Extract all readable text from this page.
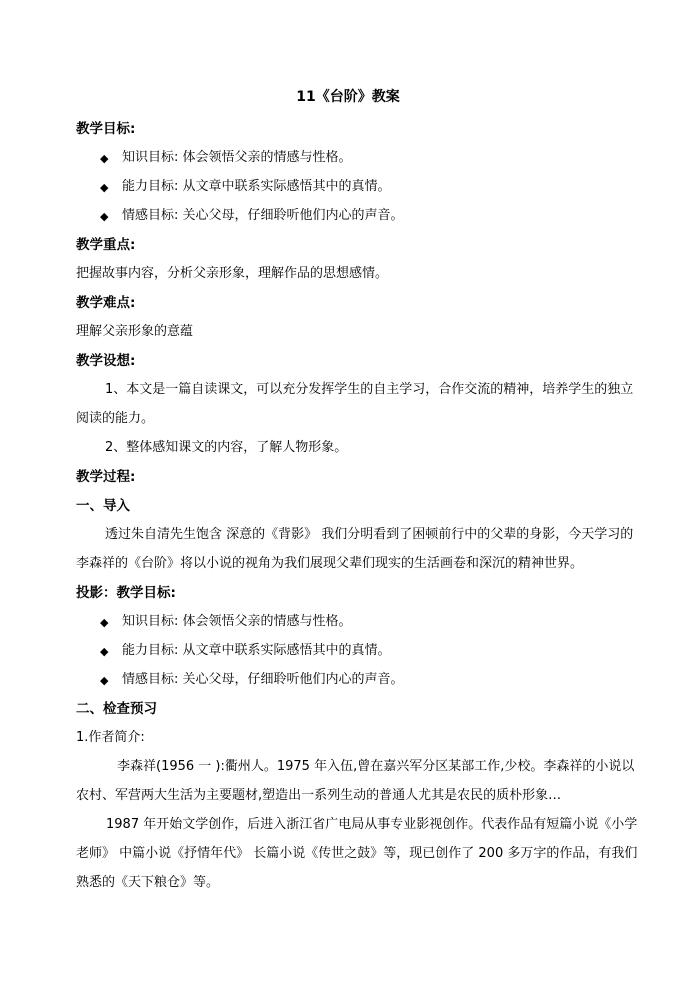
11《台阶》教案
教学目标:
◆ 知识目标: 体会领悟父亲的情感与性格。
◆ 能力目标: 从文章中联系实际感悟其中的真情。
◆ 情感目标: 关心父母，仔细聆听他们内心的声音。
教学重点:
把握故事内容，分析父亲形象，理解作品的思想感情。
教学难点:
理解父亲形象的意蕴
教学设想:
1、本文是一篇自读课文，可以充分发挥学生的自主学习，合作交流的精神，培养学生的独立
阅读的能力。
2、整体感知课文的内容，了解人物形象。
教学过程:
一、导入
透过朱自清先生饱含 深意的《背影》 我们分明看到了困顿前行中的父辈的身影，今天学习的
李森祥的《台阶》将以小说的视角为我们展现父辈们现实的生活画卷和深沉的精神世界。
投影：教学目标:
◆ 知识目标: 体会领悟父亲的情感与性格。
◆ 能力目标: 从文章中联系实际感悟其中的真情。
◆ 情感目标: 关心父母，仔细聆听他们内心的声音。
二、检查预习
1.作者简介:
李森祥(1956 一 ):衢州人。1975 年入伍,曾在嘉兴军分区某部工作,少校。李森祥的小说以
农村、军营两大生活为主要题材,塑造出一系列生动的普通人尤其是农民的质朴形象…
1987 年开始文学创作，后进入浙江省广电局从事专业影视创作。代表作品有短篇小说《小学
老师》 中篇小说《抒情年代》 长篇小说《传世之鼓》等，现已创作了 200 多万字的作品，有我们
熟悉的《天下粮仓》等。
